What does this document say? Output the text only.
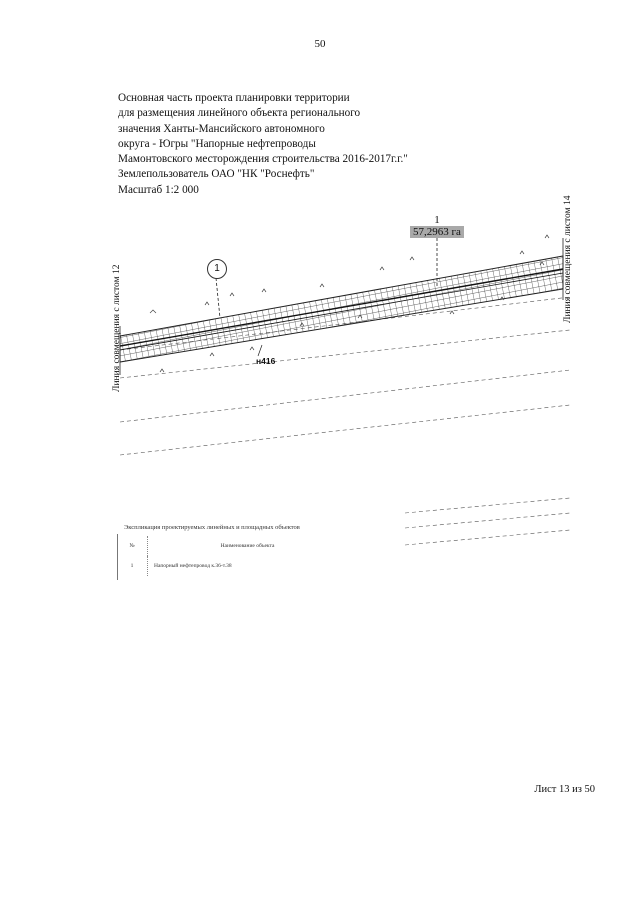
50
Основная часть проекта планировки территории
для размещения линейного объекта регионального
значения Ханты-Мансийского автономного
округа - Югры "Напорные нефтепроводы
Мамонтовского месторождения строительства 2016-2017г.г."
Землепользователь ОАО "НК "Роснефть"
Масштаб 1:2 000
Линия совмещения с листом 12
Линия совмещения с листом 14
1
57,2963 га
1
н416
Экспликация проектируемых линейных и площадных объектов
№	Наименование объекта
1	Напорный нефтепровод к.36-т.38
Лист 13 из 50
